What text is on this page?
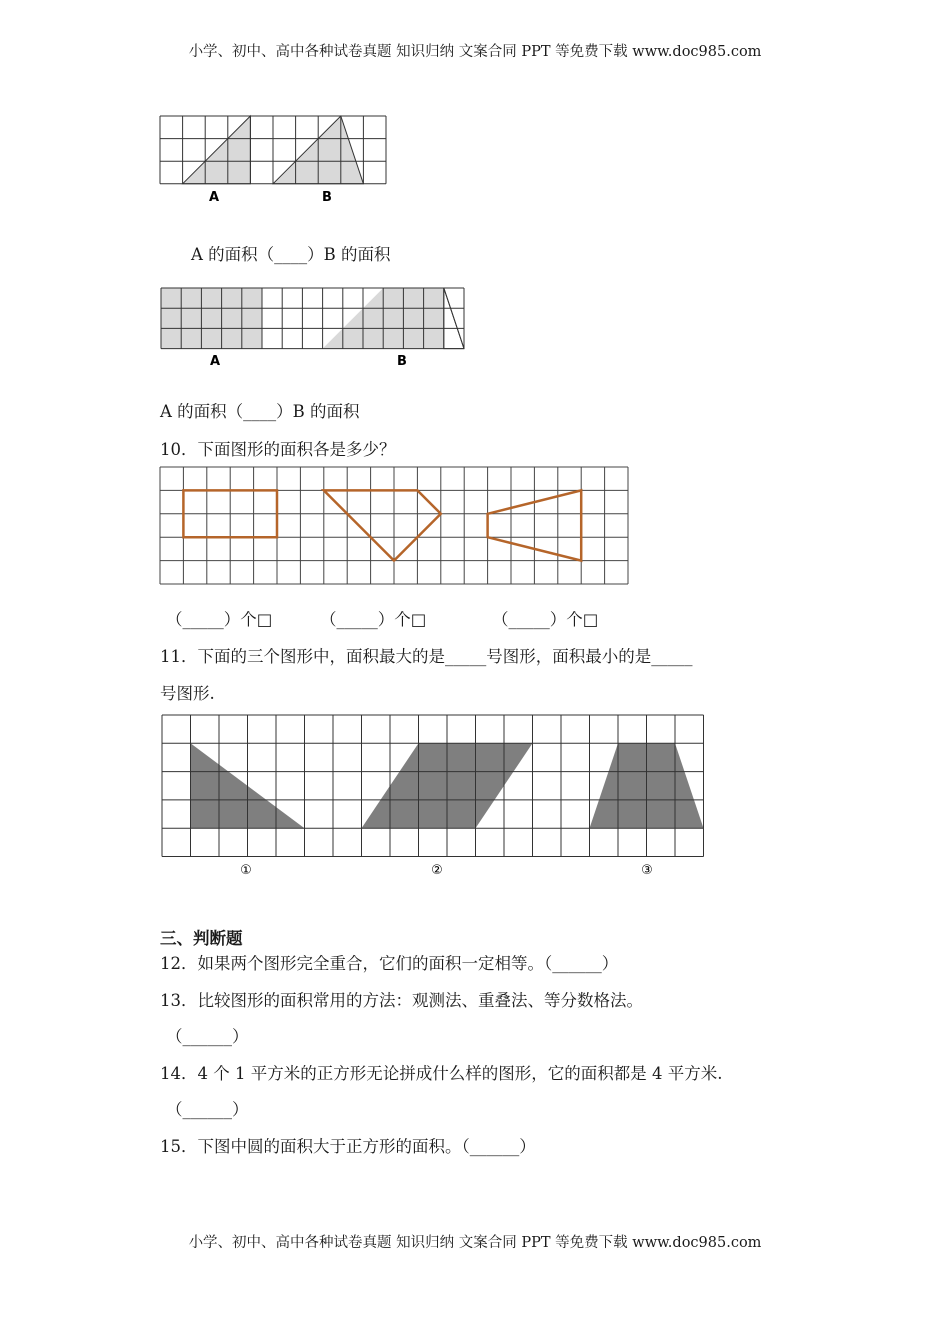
小学、初中、高中各种试卷真题 知识归纳 文案合同 PPT 等免费下载 www.doc985.com
A	B
A 的面积（____）B 的面积
A	B
A 的面积（____）B 的面积
10．下面图形的面积各是多少？
（_____）个□	（_____）个□	（_____）个□
11．下面的三个图形中，面积最大的是_____号图形，面积最小的是_____
号图形.
①	②	③
三、判断题
12．如果两个图形完全重合，它们的面积一定相等。（______）
13．比较图形的面积常用的方法：观测法、重叠法、等分数格法。
（______）
14．4 个 1 平方米的正方形无论拼成什么样的图形，它的面积都是 4 平方米.
（______）
15．下图中圆的面积大于正方形的面积。（______）
小学、初中、高中各种试卷真题 知识归纳 文案合同 PPT 等免费下载 www.doc985.com
